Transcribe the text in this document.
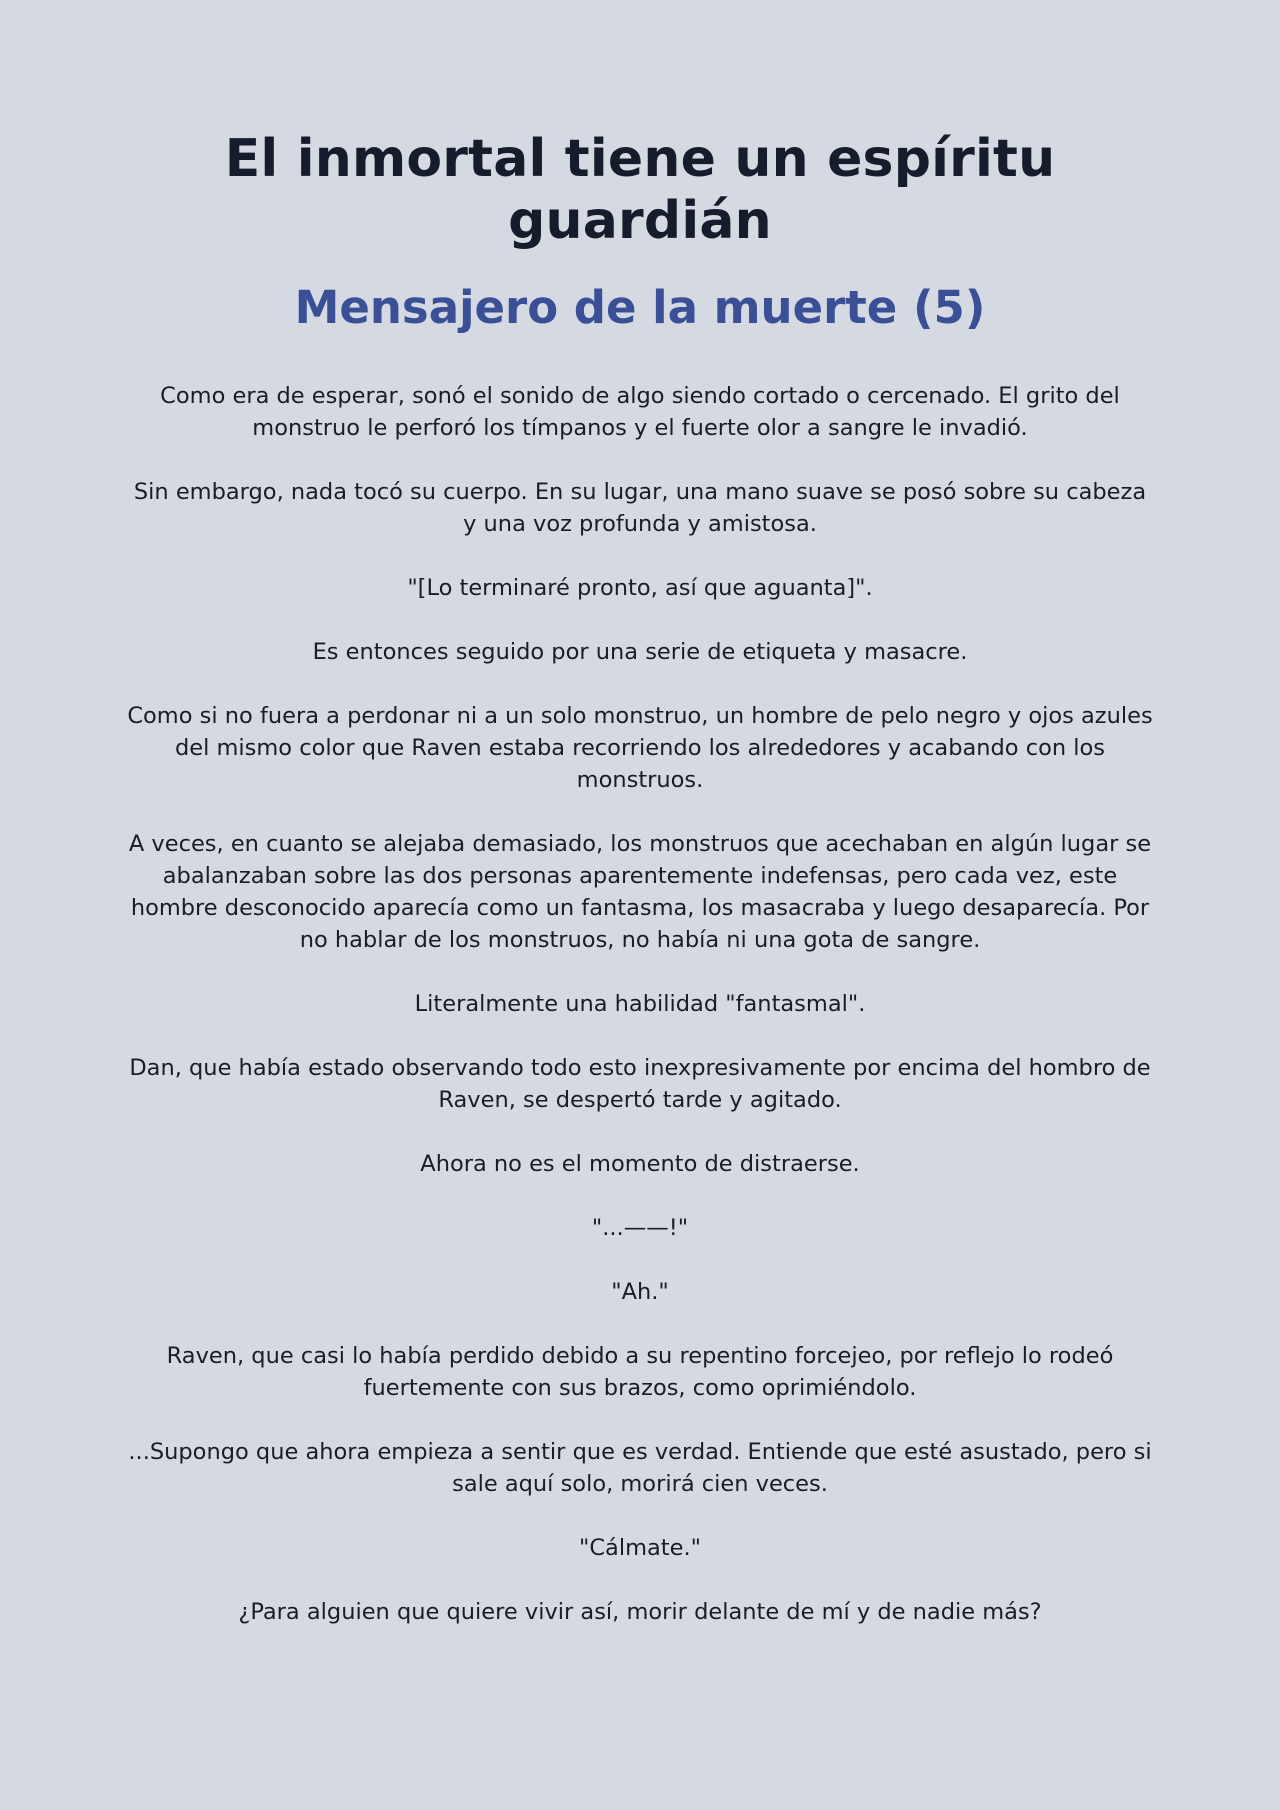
El inmortal tiene un espíritu guardián
Mensajero de la muerte (5)

Como era de esperar, sonó el sonido de algo siendo cortado o cercenado. El grito del monstruo le perforó los tímpanos y el fuerte olor a sangre le invadió.

Sin embargo, nada tocó su cuerpo. En su lugar, una mano suave se posó sobre su cabeza y una voz profunda y amistosa.

"[Lo terminaré pronto, así que aguanta]".

Es entonces seguido por una serie de etiqueta y masacre.

Como si no fuera a perdonar ni a un solo monstruo, un hombre de pelo negro y ojos azules del mismo color que Raven estaba recorriendo los alrededores y acabando con los monstruos.

A veces, en cuanto se alejaba demasiado, los monstruos que acechaban en algún lugar se abalanzaban sobre las dos personas aparentemente indefensas, pero cada vez, este hombre desconocido aparecía como un fantasma, los masacraba y luego desaparecía. Por no hablar de los monstruos, no había ni una gota de sangre.

Literalmente una habilidad "fantasmal".

Dan, que había estado observando todo esto inexpresivamente por encima del hombro de Raven, se despertó tarde y agitado.

Ahora no es el momento de distraerse.

"...——!"

"Ah."

Raven, que casi lo había perdido debido a su repentino forcejeo, por reflejo lo rodeó fuertemente con sus brazos, como oprimiéndolo.

...Supongo que ahora empieza a sentir que es verdad. Entiende que esté asustado, pero si sale aquí solo, morirá cien veces.

"Cálmate."

¿Para alguien que quiere vivir así, morir delante de mí y de nadie más?
